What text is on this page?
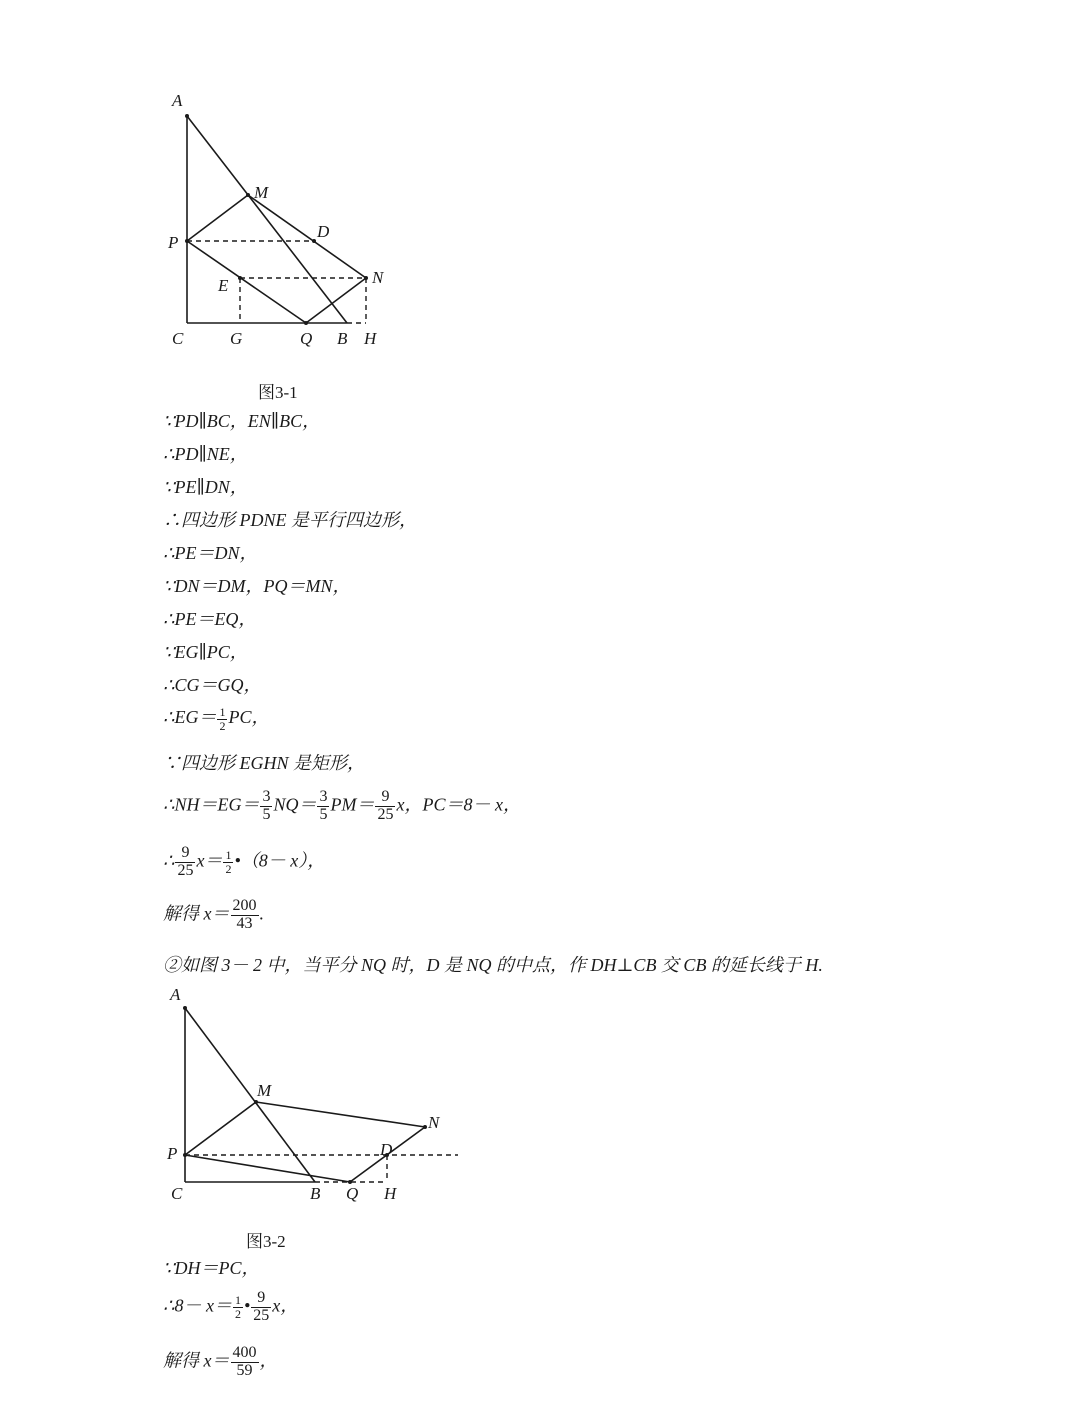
A
M
P
D
E	N
C	G	Q B H
图3-1
∵PD∥BC，EN∥BC，
∴PD∥NE，
∵PE∥DN，
∴四边形 PDNE 是平行四边形，
∴PE＝DN，
∵DN＝DM，PQ＝MN，
∴PE＝EQ，
∵EG∥PC，
∴CG＝GQ，
∴EG＝ $\frac{1}{2}$ PC，
∵四边形 EGHN 是矩形，
∴NH＝EG＝ $\frac{3}{5} NQ= \frac{3}{5} PM= \frac{9}{25}$ x，PC＝8－ x，
∴ $\frac{9}{25} x= \frac{1}{2}$ •（8－ x），
解得 $x= \frac{200}{43}$ .
②如图 3－ 2 中，当平分 NQ 时，D 是 NQ 的中点，作 DH⊥CB 交 CB 的延长线于 H.
A
M
N
P	D
C	B Q H
图3-2
∵DH＝PC，
∴8－ $x= \frac{1}{2}$ • $\frac{9}{25}$ x，
解得 $x= \frac{400}{59}$ ，
